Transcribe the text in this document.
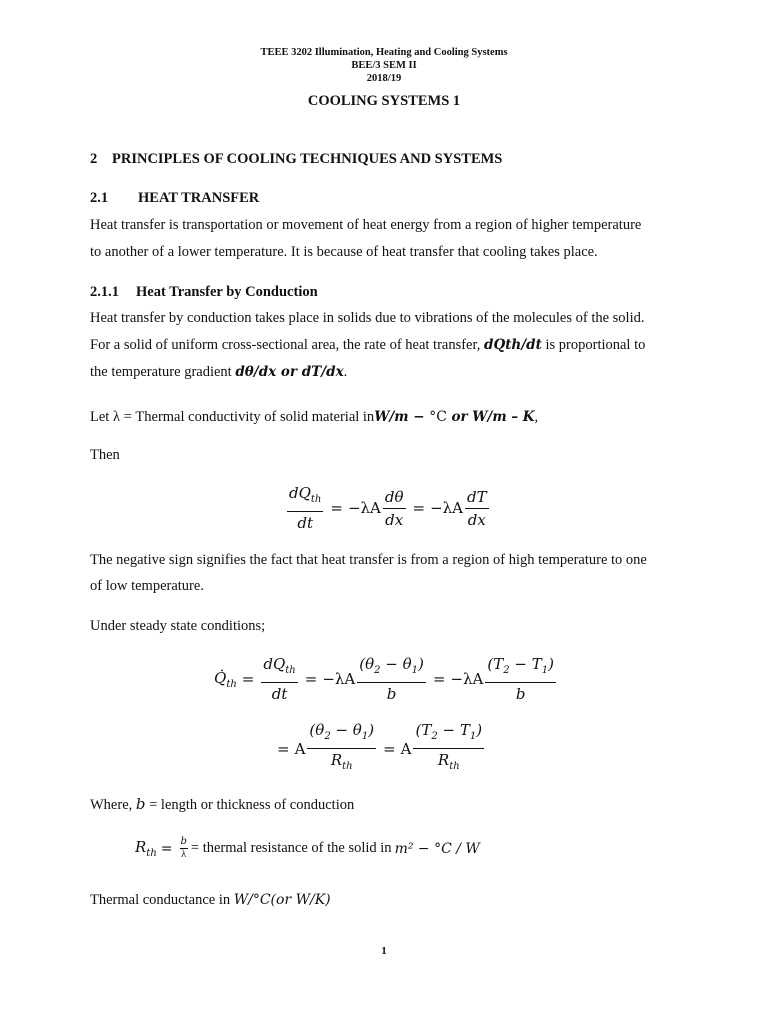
TEEE 3202 Illumination, Heating and Cooling Systems
BEE/3 SEM II
2018/19
COOLING SYSTEMS 1
2 PRINCIPLES OF COOLING TECHNIQUES AND SYSTEMS
2.1 HEAT TRANSFER
Heat transfer is transportation or movement of heat energy from a region of higher temperature
to another of a lower temperature. It is because of heat transfer that cooling takes place.
2.1.1 Heat Transfer by Conduction
Heat transfer by conduction takes place in solids due to vibrations of the molecules of the solid.
For a solid of uniform cross-sectional area, the rate of heat transfer, dQth/dt is proportional to
the temperature gradient dθ/dx or dT/dx.
Let λ = Thermal conductivity of solid material inW/m − °C or W/m – K,
Then
$\frac{dQ_{th}}{dt} = -\lambda A \frac{d\theta}{dx} = -\lambda A \frac{dT}{dx}$
The negative sign signifies the fact that heat transfer is from a region of high temperature to one
of low temperature.
Under steady state conditions;
$Q̇_{th} = \frac{dQ_{th}}{dt} = -\lambda A \frac{(\theta_2 - \theta_1)}{b} = -\lambda A \frac{(T_2 - T_1)}{b}$
= A $\frac{(\theta_2 - \theta_1)}{R_{th}} = A \frac{(T_2 - T_1)}{R_{th}}$
Where, b = length or thickness of conduction
$R_{th} = \frac{b}{\lambda}$ = thermal resistance of the solid in m² − °C / W
Thermal conductance in W/°C(or W/K)
1
